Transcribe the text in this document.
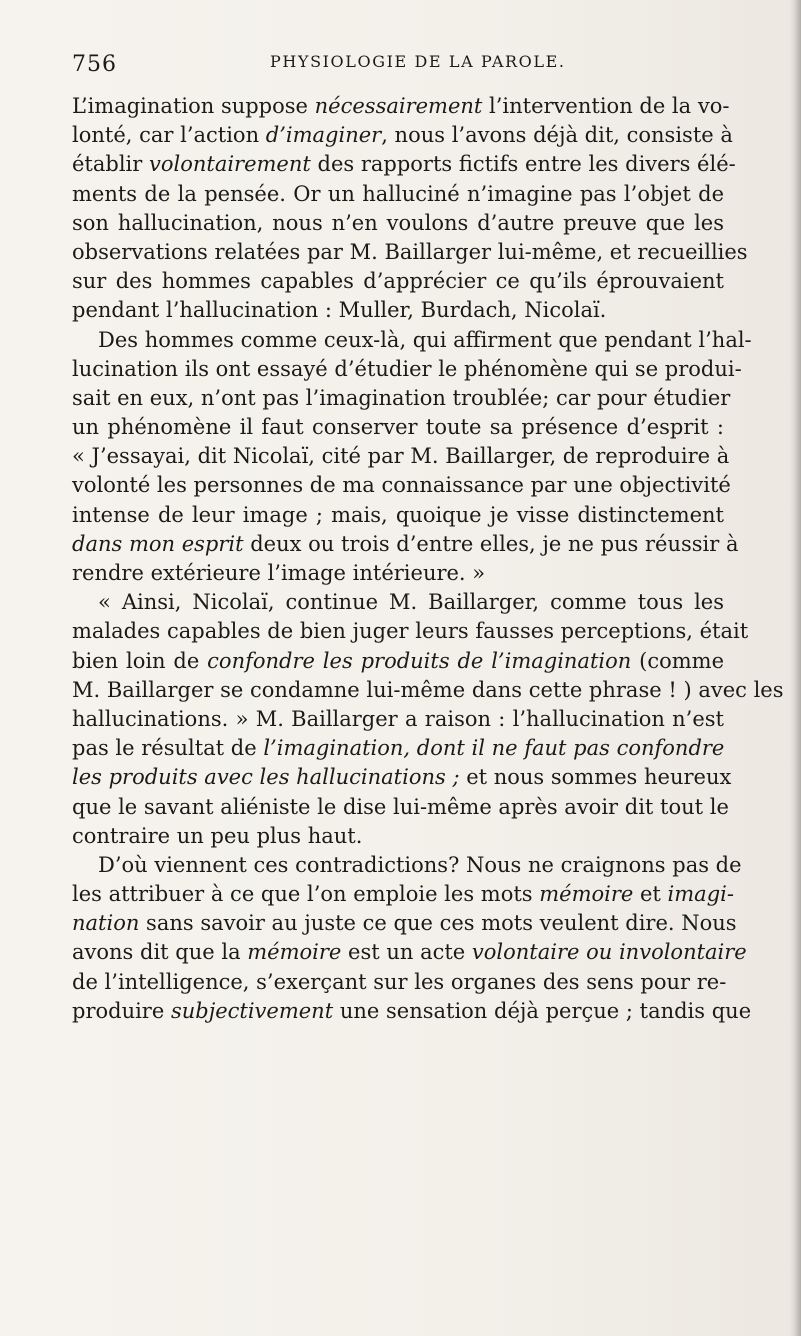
756	PHYSIOLOGIE DE LA PAROLE.
L’imagination suppose nécessairement l’intervention de la vo-
lonté, car l’action d’imaginer, nous l’avons déjà dit, consiste à
établir volontairement des rapports fictifs entre les divers élé-
ments de la pensée. Or un halluciné n’imagine pas l’objet de
son hallucination, nous n’en voulons d’autre preuve que les
observations relatées par M. Baillarger lui-même, et recueillies
sur des hommes capables d’apprécier ce qu’ils éprouvaient
pendant l’hallucination : Muller, Burdach, Nicolaï.
Des hommes comme ceux-là, qui affirment que pendant l’hal-
lucination ils ont essayé d’étudier le phénomène qui se produi-
sait en eux, n’ont pas l’imagination troublée; car pour étudier
un phénomène il faut conserver toute sa présence d’esprit :
« J’essayai, dit Nicolaï, cité par M. Baillarger, de reproduire à
volonté les personnes de ma connaissance par une objectivité
intense de leur image ; mais, quoique je visse distinctement
dans mon esprit deux ou trois d’entre elles, je ne pus réussir à
rendre extérieure l’image intérieure. »
« Ainsi, Nicolaï, continue M. Baillarger, comme tous les
malades capables de bien juger leurs fausses perceptions, était
bien loin de confondre les produits de l’imagination (comme
M. Baillarger se condamne lui-même dans cette phrase ! ) avec les
hallucinations. » M. Baillarger a raison : l’hallucination n’est
pas le résultat de l’imagination, dont il ne faut pas confondre
les produits avec les hallucinations ; et nous sommes heureux
que le savant aliéniste le dise lui-même après avoir dit tout le
contraire un peu plus haut.
D’où viennent ces contradictions? Nous ne craignons pas de
les attribuer à ce que l’on emploie les mots mémoire et imagi-
nation sans savoir au juste ce que ces mots veulent dire. Nous
avons dit que la mémoire est un acte volontaire ou involontaire
de l’intelligence, s’exerçant sur les organes des sens pour re-
produire subjectivement une sensation déjà perçue ; tandis que
